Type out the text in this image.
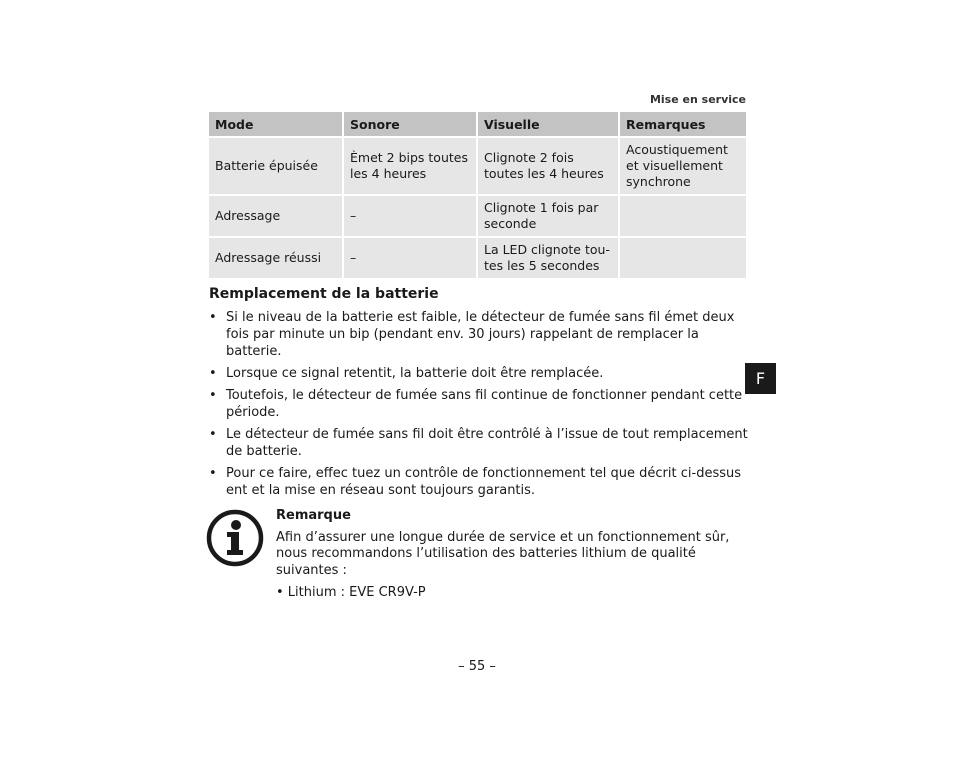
Mise en service
Mode	Sonore	Visuelle	Remarques
Batterie épuisée	Èmet 2 bips toutes les 4 heures	Clignote 2 fois toutes les 4 heures	Acoustiquement et visuellement synchrone
Adressage	–	Clignote 1 fois par seconde	
Adressage réussi	–	La LED clignote tou-tes les 5 secondes	
Remplacement de la batterie
• Si le niveau de la batterie est faible, le détecteur de fumée sans fil émet deux fois par minute un bip (pendant env. 30 jours) rappelant de remplacer la batterie.
• Lorsque ce signal retentit, la batterie doit être remplacée.
• Toutefois, le détecteur de fumée sans fil continue de fonctionner pendant cette période.
• Le détecteur de fumée sans fil doit être contrôlé à l’issue de tout remplacement de batterie.
• Pour ce faire, effec tuez un contrôle de fonctionnement tel que décrit ci-dessus ent et la mise en réseau sont toujours garantis.

Remarque

Afin d’assurer une longue durée de service et un fonctionnement sûr, nous recommandons l’utilisation des batteries lithium de qualité suivantes :

• Lithium : EVE CR9V-P

F
– 55 –
